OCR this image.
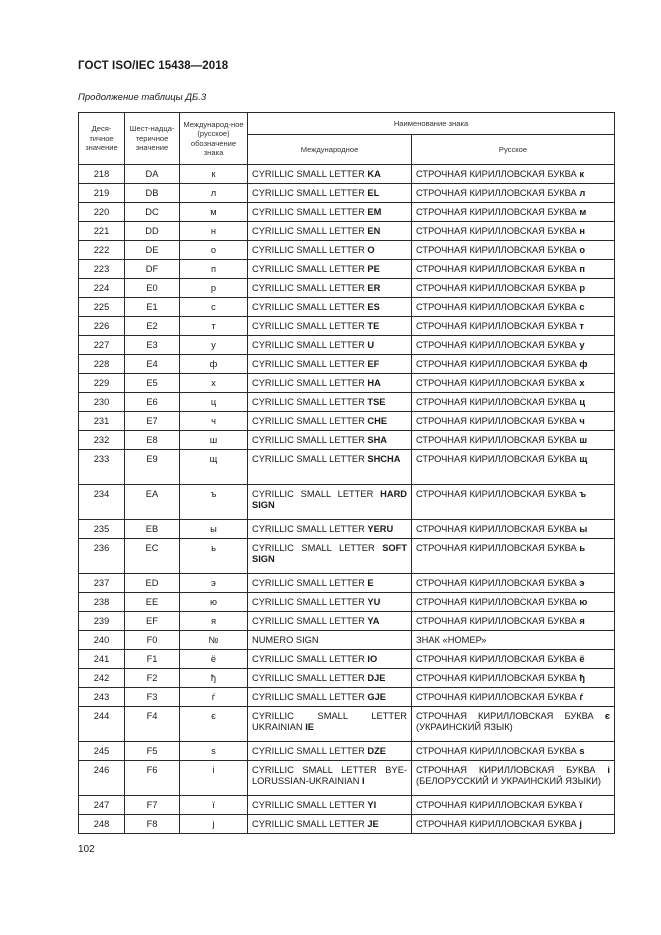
ГОСТ ISO/IEC 15438—2018
Продолжение таблицы ДБ.3
Деся-тичное значение	Шест-надца-теричное значение	Междунарoд-ное (русское) обозначение знака	Наименование знака	
			Международное	Русское
218	DA	к	CYRILLIC SMALL LETTER KA	СТРОЧНАЯ КИРИЛЛОВСКАЯ БУКВА к
219	DB	л	CYRILLIC SMALL LETTER EL	СТРОЧНАЯ КИРИЛЛОВСКАЯ БУКВА л
220	DC	м	CYRILLIC SMALL LETTER EM	СТРОЧНАЯ КИРИЛЛОВСКАЯ БУКВА м
221	DD	н	CYRILLIC SMALL LETTER EN	СТРОЧНАЯ КИРИЛЛОВСКАЯ БУКВА н
222	DE	о	CYRILLIC SMALL LETTER O	СТРОЧНАЯ КИРИЛЛОВСКАЯ БУКВА о
223	DF	п	CYRILLIC SMALL LETTER PE	СТРОЧНАЯ КИРИЛЛОВСКАЯ БУКВА п
224	E0	р	CYRILLIC SMALL LETTER ER	СТРОЧНАЯ КИРИЛЛОВСКАЯ БУКВА р
225	E1	с	CYRILLIC SMALL LETTER ES	СТРОЧНАЯ КИРИЛЛОВСКАЯ БУКВА с
226	E2	т	CYRILLIC SMALL LETTER TE	СТРОЧНАЯ КИРИЛЛОВСКАЯ БУКВА т
227	E3	у	CYRILLIC SMALL LETTER U	СТРОЧНАЯ КИРИЛЛОВСКАЯ БУКВА у
228	E4	ф	CYRILLIC SMALL LETTER EF	СТРОЧНАЯ КИРИЛЛОВСКАЯ БУКВА ф
229	E5	х	CYRILLIC SMALL LETTER HA	СТРОЧНАЯ КИРИЛЛОВСКАЯ БУКВА х
230	E6	ц	CYRILLIC SMALL LETTER TSE	СТРОЧНАЯ КИРИЛЛОВСКАЯ БУКВА ц
231	E7	ч	CYRILLIC SMALL LETTER CHE	СТРОЧНАЯ КИРИЛЛОВСКАЯ БУКВА ч
232	E8	ш	CYRILLIC SMALL LETTER SHA	СТРОЧНАЯ КИРИЛЛОВСКАЯ БУКВА ш
233	E9	щ	CYRILLIC SMALL LETTER SHCHA	СТРОЧНАЯ КИРИЛЛОВСКАЯ БУКВА щ
234	EA	ъ	CYRILLIC SMALL LETTER HARD SIGN	СТРОЧНАЯ КИРИЛЛОВСКАЯ БУКВА ъ
235	EB	ы	CYRILLIC SMALL LETTER YERU	СТРОЧНАЯ КИРИЛЛОВСКАЯ БУКВА ы
236	EC	ь	CYRILLIC SMALL LETTER SOFT SIGN	СТРОЧНАЯ КИРИЛЛОВСКАЯ БУКВА ь
237	ED	э	CYRILLIC SMALL LETTER E	СТРОЧНАЯ КИРИЛЛОВСКАЯ БУКВА э
238	EE	ю	CYRILLIC SMALL LETTER YU	СТРОЧНАЯ КИРИЛЛОВСКАЯ БУКВА ю
239	EF	я	CYRILLIC SMALL LETTER YA	СТРОЧНАЯ КИРИЛЛОВСКАЯ БУКВА я
240	F0	№	NUMERO SIGN	ЗНАК «НОМЕР»
241	F1	ё	CYRILLIC SMALL LETTER IO	СТРОЧНАЯ КИРИЛЛОВСКАЯ БУКВА ё
242	F2	ђ	CYRILLIC SMALL LETTER DJE	СТРОЧНАЯ КИРИЛЛОВСКАЯ БУКВА ђ
243	F3	ѓ	CYRILLIC SMALL LETTER GJE	СТРОЧНАЯ КИРИЛЛОВСКАЯ БУКВА ѓ
244	F4	є	CYRILLIC SMALL LETTER UKRAINIAN IE	СТРОЧНАЯ КИРИЛЛОВСКАЯ БУКВА є (УКРАИНСКИЙ ЯЗЫК)
245	F5	s	CYRILLIC SMALL LETTER DZE	СТРОЧНАЯ КИРИЛЛОВСКАЯ БУКВА s
246	F6	i	CYRILLIC SMALL LETTER BYE-LORUSSIAN-UKRAINIAN I	СТРОЧНАЯ КИРИЛЛОВСКАЯ БУКВА i (БЕЛОРУССКИЙ И УКРАИНСКИЙ ЯЗЫКИ)
247	F7	ї	CYRILLIC SMALL LETTER YI	СТРОЧНАЯ КИРИЛЛОВСКАЯ БУКВА ї
248	F8	j	CYRILLIC SMALL LETTER JE	СТРОЧНАЯ КИРИЛЛОВСКАЯ БУКВА j
102
